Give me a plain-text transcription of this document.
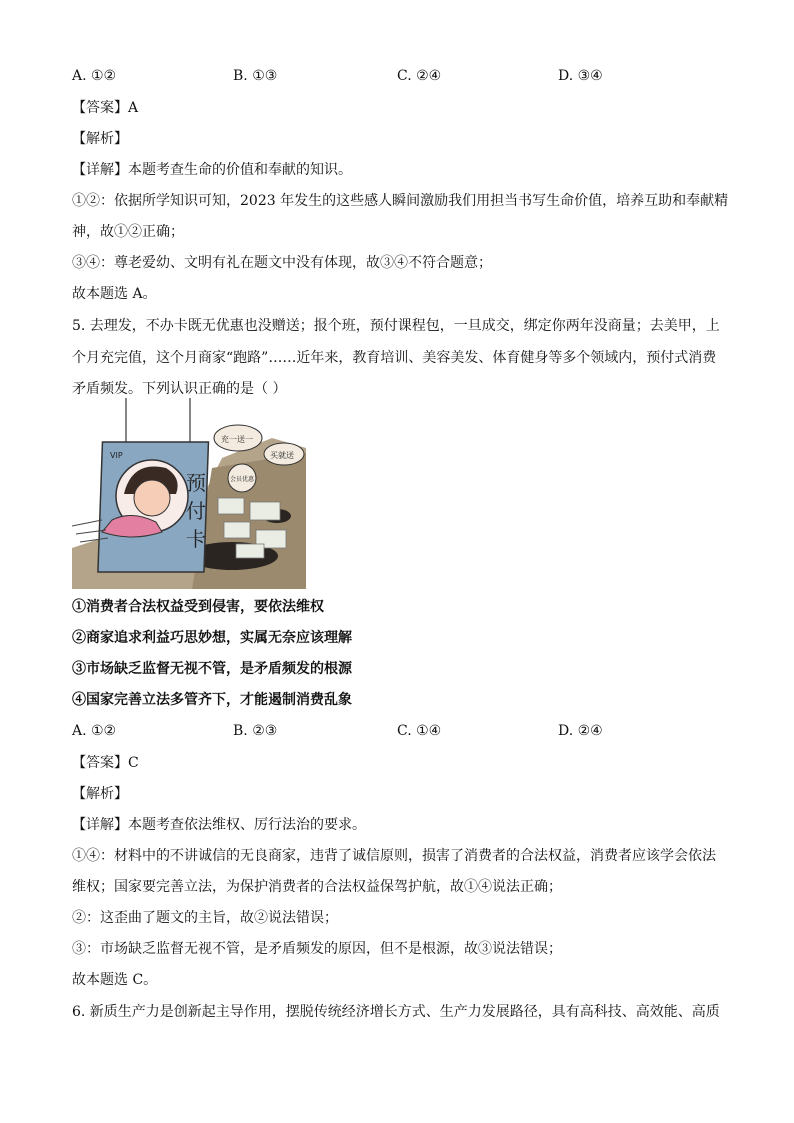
A. ①②	B. ①③	C. ②④	D. ③④
【答案】A
【解析】
【详解】本题考查生命的价值和奉献的知识。
①②：依据所学知识可知，2023 年发生的这些感人瞬间激励我们用担当书写生命价值，培养互助和奉献精
神，故①②正确；
③④：尊老爱幼、文明有礼在题文中没有体现，故③④不符合题意；
故本题选 A。
5. 去理发，不办卡既无优惠也没赠送；报个班，预付课程包，一旦成交，绑定你两年没商量；去美甲，上
个月充完值，这个月商家“跑路”……近年来，教育培训、美容美发、体育健身等多个领域内，预付式消费
矛盾频发。下列认识正确的是（ ）
VIP
预
付
卡
充一送一
买就送
会员优惠
①消费者合法权益受到侵害，要依法维权
②商家追求利益巧思妙想，实属无奈应该理解
③市场缺乏监督无视不管，是矛盾频发的根源
④国家完善立法多管齐下，才能遏制消费乱象
A. ①②	B. ②③	C. ①④	D. ②④
【答案】C
【解析】
【详解】本题考查依法维权、厉行法治的要求。
①④：材料中的不讲诚信的无良商家，违背了诚信原则，损害了消费者的合法权益，消费者应该学会依法
维权；国家要完善立法，为保护消费者的合法权益保驾护航，故①④说法正确；
②：这歪曲了题文的主旨，故②说法错误；
③：市场缺乏监督无视不管，是矛盾频发的原因，但不是根源，故③说法错误；
故本题选 C。
6. 新质生产力是创新起主导作用，摆脱传统经济增长方式、生产力发展路径，具有高科技、高效能、高质
